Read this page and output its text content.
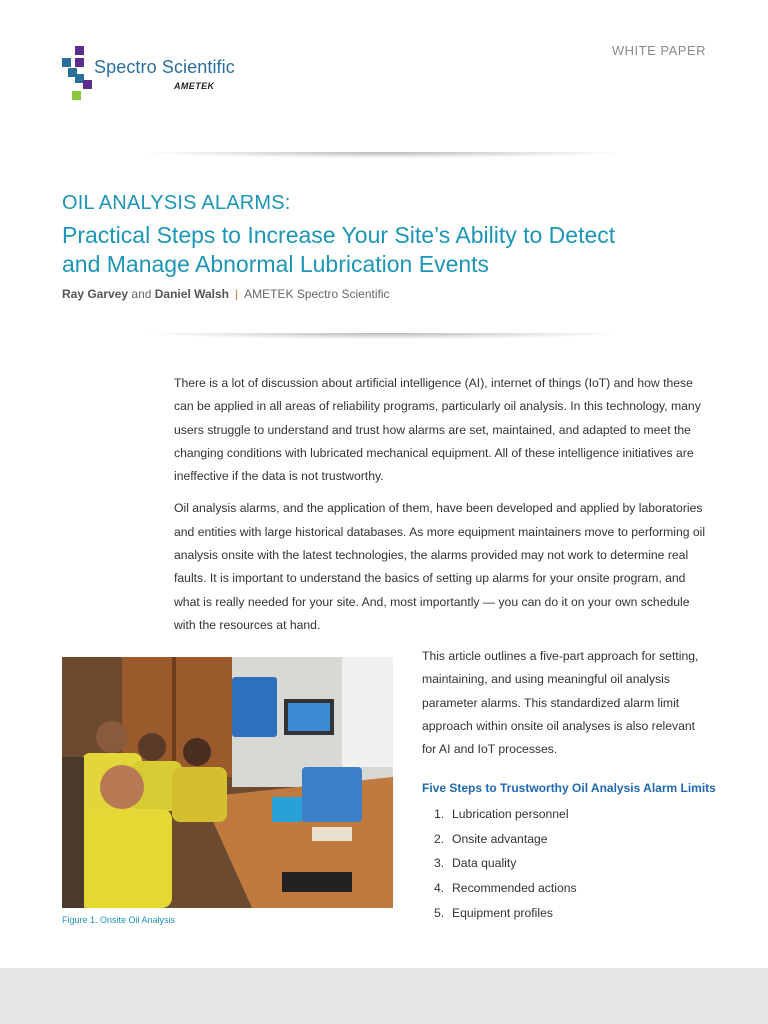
Spectro Scientific
AMETEK
WHITE PAPER
OIL ANALYSIS ALARMS:
Practical Steps to Increase Your Site’s Ability to Detect
and Manage Abnormal Lubrication Events
Ray Garvey and Daniel Walsh | AMETEK Spectro Scientific

There is a lot of discussion about artificial intelligence (AI), internet of things (IoT) and how these can be applied in all areas of reliability programs, particularly oil analysis. In this technology, many users struggle to understand and trust how alarms are set, maintained, and adapted to meet the changing conditions with lubricated mechanical equipment. All of these intelligence initiatives are ineffective if the data is not trustworthy.

Oil analysis alarms, and the application of them, have been developed and applied by laboratories and entities with large historical databases. As more equipment maintainers move to performing oil analysis onsite with the latest technologies, the alarms provided may not work to determine real faults. It is important to understand the basics of setting up alarms for your onsite program, and what is really needed for your site. And, most importantly — you can do it on your own schedule with the resources at hand.

Figure 1. Onsite Oil Analysis

This article outlines a five-part approach for setting, maintaining, and using meaningful oil analysis parameter alarms. This standardized alarm limit approach within onsite oil analyses is also relevant for AI and IoT processes.

Five Steps to Trustworthy Oil Analysis Alarm Limits
1. Lubrication personnel
2. Onsite advantage
3. Data quality
4. Recommended actions
5. Equipment profiles
